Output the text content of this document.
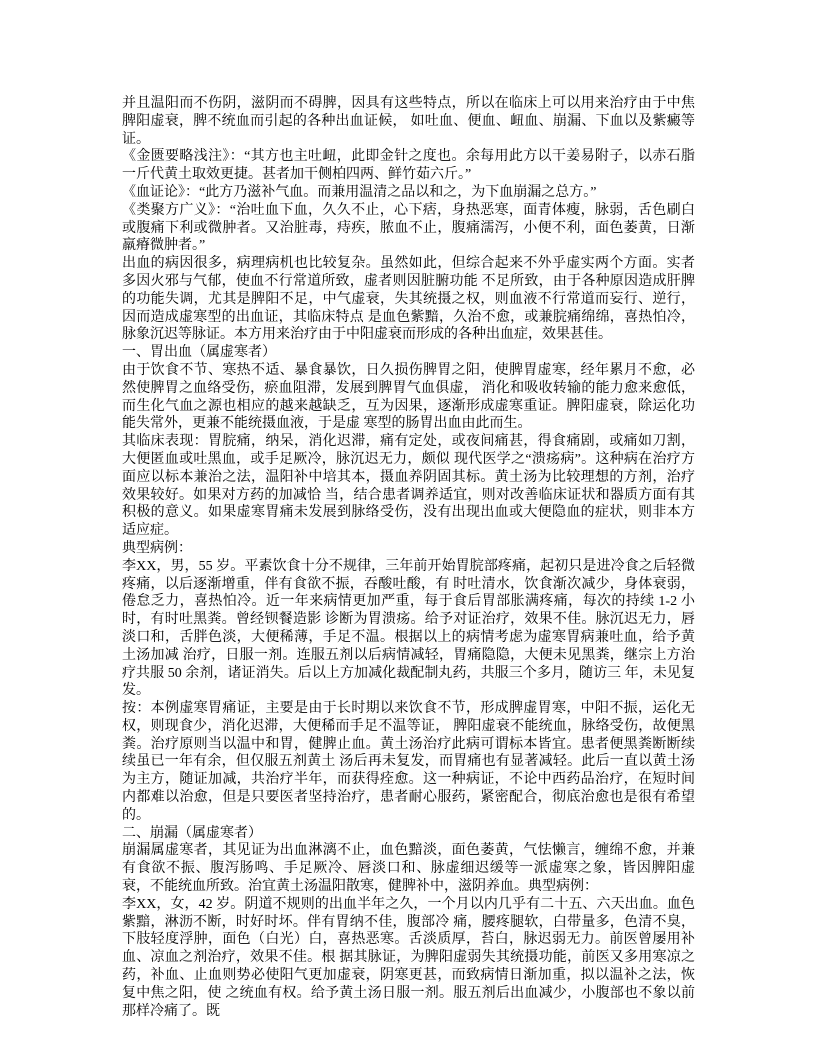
并且温阳而不伤阴，滋阴而不碍脾，因具有这些特点，所以在临床上可以用来治疗由于中焦脾阳虚衰，脾不统血而引起的各种出血证候， 如吐血、便血、衄血、崩漏、下血以及紫癜等证。

《金匮要略浅注》：“其方也主吐衄，此即金针之度也。余每用此方以干姜易附子，以赤石脂一斤代黄土取效更捷。甚者加干侧柏四两、鲜竹茹六斤。”

《血证论》：“此方乃滋补气血。而兼用温清之品以和之，为下血崩漏之总方。”

《类聚方广义》：“治吐血下血，久久不止，心下痞，身热恶寒，面青体瘦，脉弱，舌色刷白或腹痛下利或微肿者。又治脏毒，痔疾，脓血不止，腹痛濡泻，小便不利，面色萎黄，日渐羸瘠微肿者。”

出血的病因很多，病理病机也比较复杂。虽然如此，但综合起来不外乎虚实两个方面。实者多因火邪与气郁，使血不行常道所致，虚者则因脏腑功能 不足所致，由于各种原因造成肝脾的功能失调，尤其是脾阳不足，中气虚衰，失其统摄之权，则血液不行常道而妄行、逆行，因而造成虚寒型的出血证，其临床特点 是血色紫黯，久治不愈，或兼脘痛绵绵，喜热怕冷，脉象沉迟等脉证。本方用来治疗由于中阳虚衰而形成的各种出血症，效果甚佳。

一、胃出血（属虚寒者）

由于饮食不节、寒热不适、暴食暴饮，日久损伤脾胃之阳，使脾胃虚寒，经年累月不愈，必然使脾胃之血络受伤，瘀血阻滞，发展到脾胃气血俱虚， 消化和吸收转输的能力愈来愈低，而生化气血之源也相应的越来越缺乏，互为因果，逐渐形成虚寒重证。脾阳虚衰，除运化功能失常外，更兼不能统摄血液，于是虚 寒型的肠胃出血由此而生。

其临床表现：胃脘痛，纳呆，消化迟滞，痛有定处，或夜间痛甚，得食痛剧，或痛如刀割，大便匿血或吐黑血，或手足厥冷，脉沉迟无力，颇似 现代医学之“溃疡病”。这种病在治疗方面应以标本兼治之法，温阳补中培其本，摄血养阴固其标。黄土汤为比较理想的方剂，治疗效果较好。如果对方药的加减恰 当，结合患者调养适宜，则对改善临床证状和器质方面有其积极的意义。如果虚寒胃痛未发展到脉络受伤，没有出现出血或大便隐血的症状，则非本方适应症。

典型病例：

李XX，男，55 岁。平素饮食十分不规律，三年前开始胃脘部疼痛，起初只是进冷食之后轻微疼痛，以后逐渐增重，伴有食欲不振，吞酸吐酸，有 时吐清水，饮食渐次减少，身体衰弱，倦怠乏力，喜热怕冷。近一年来病情更加严重，每于食后胃部胀满疼痛，每次的持续 1-2 小时，有时吐黑粪。曾经钡餐造影 诊断为胃溃疡。给予对证治疗，效果不佳。脉沉迟无力，唇淡口和，舌胖色淡，大便稀薄，手足不温。根据以上的病情考虑为虚寒胃病兼吐血，给予黄土汤加减 治疗，日服一剂。连服五剂以后病情减轻，胃痛隐隐，大便未见黑粪，继宗上方治疗共服 50 余剂，诸证消失。后以上方加减化裁配制丸药，共服三个多月，随访三 年，未见复发。

按：本例虚寒胃痛证，主要是由于长时期以来饮食不节，形成脾虚胃寒，中阳不振，运化无权，则现食少，消化迟滞，大便稀而手足不温等证， 脾阳虚衰不能统血，脉络受伤，故便黑粪。治疗原则当以温中和胃，健脾止血。黄土汤治疗此病可谓标本皆宜。患者便黑粪断断续续虽已一年有余，但仅服五剂黄土 汤后再未复发，而胃痛也有显著减轻。此后一直以黄土汤为主方，随证加减，共治疗半年，而获得痊愈。这一种病证，不论中西药品治疗，在短时间内都难以治愈，但是只要医者坚持治疗，患者耐心服药，紧密配合，彻底治愈也是很有希望的。

二、崩漏（属虚寒者）

崩漏属虚寒者，其见证为出血淋漓不止，血色黯淡，面色萎黄，气怯懒言，缠绵不愈，并兼有食欲不振、腹泻肠鸣、手足厥冷、唇淡口和、脉虚细迟缓等一派虚寒之象，皆因脾阳虚衰，不能统血所致。治宜黄土汤温阳散寒，健脾补中，滋阴养血。典型病例：

李XX，女，42 岁。阴道不规则的出血半年之久，一个月以内几乎有二十五、六天出血。血色紫黯，淋沥不断，时好时坏。伴有胃纳不佳，腹部冷 痛，腰疼腿软，白带量多，色清不臭，下肢轻度浮肿，面色（白光）白，喜热恶寒。舌淡质厚，苔白，脉迟弱无力。前医曾屡用补血、凉血之剂治疗，效果不佳。根 据其脉证，为脾阳虚弱失其统摄功能，前医又多用寒凉之药，补血、止血则势必使阳气更加虚衰，阴寒更甚，而致病情日渐加重，拟以温补之法，恢复中焦之阳，使 之统血有权。给予黄土汤日服一剂。服五剂后出血减少，小腹部也不象以前那样冷痛了。既
